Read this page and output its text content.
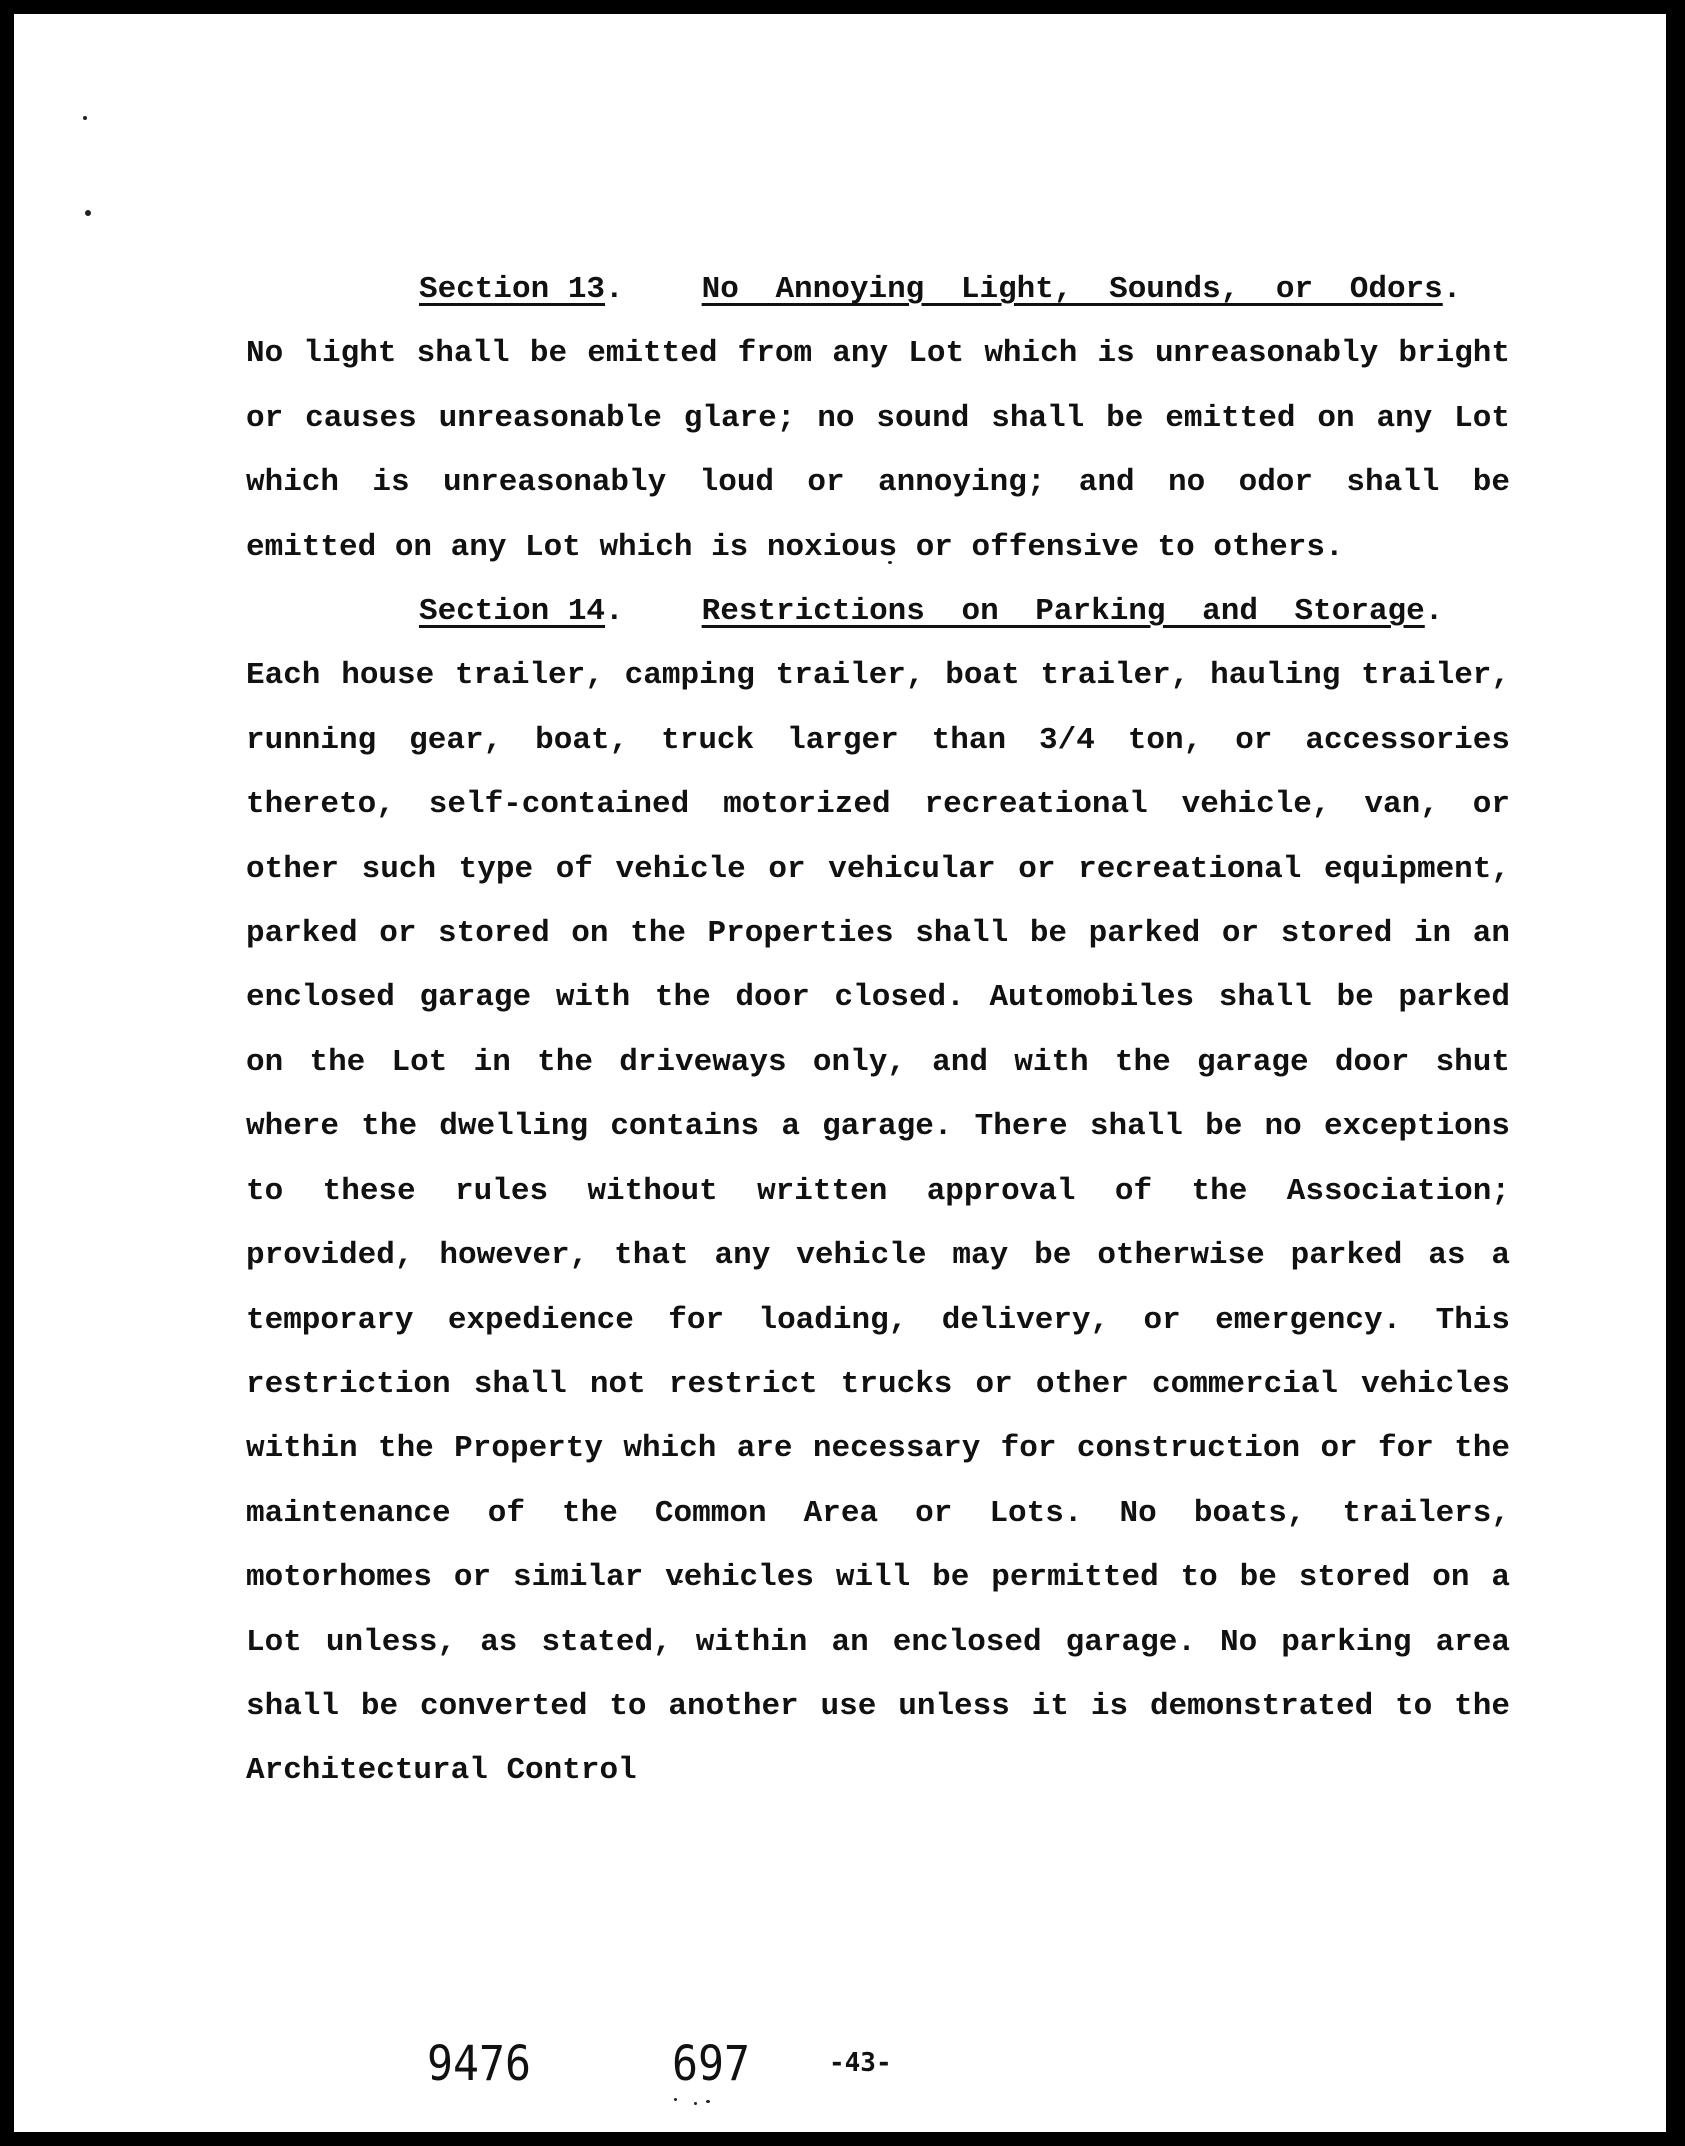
Section 13.	No Annoying Light, Sounds, or Odors. No light shall be emitted from any Lot which is unreasonably bright or causes unreasonable glare; no sound shall be emitted on any Lot which is unreasonably loud or annoying; and no odor shall be emitted on any Lot which is noxious or offensive to others.

Section 14.	Restrictions on Parking and Storage. Each house trailer, camping trailer, boat trailer, hauling trailer, running gear, boat, truck larger than 3/4 ton, or accessories thereto, self-contained motorized recreational vehicle, van, or other such type of vehicle or vehicular or recreational equipment, parked or stored on the Properties shall be parked or stored in an enclosed garage with the door closed. Automobiles shall be parked on the Lot in the driveways only, and with the garage door shut where the dwelling contains a garage. There shall be no exceptions to these rules without written approval of the Association; provided, however, that any vehicle may be otherwise parked as a temporary expedience for loading, delivery, or emergency. This restriction shall not restrict trucks or other commercial vehicles within the Property which are necessary for construction or for the maintenance of the Common Area or Lots. No boats, trailers, motorhomes or similar vehicles will be permitted to be stored on a Lot unless, as stated, within an enclosed garage. No parking area shall be converted to another use unless it is demonstrated to the Architectural Control

9476	697	-43-
